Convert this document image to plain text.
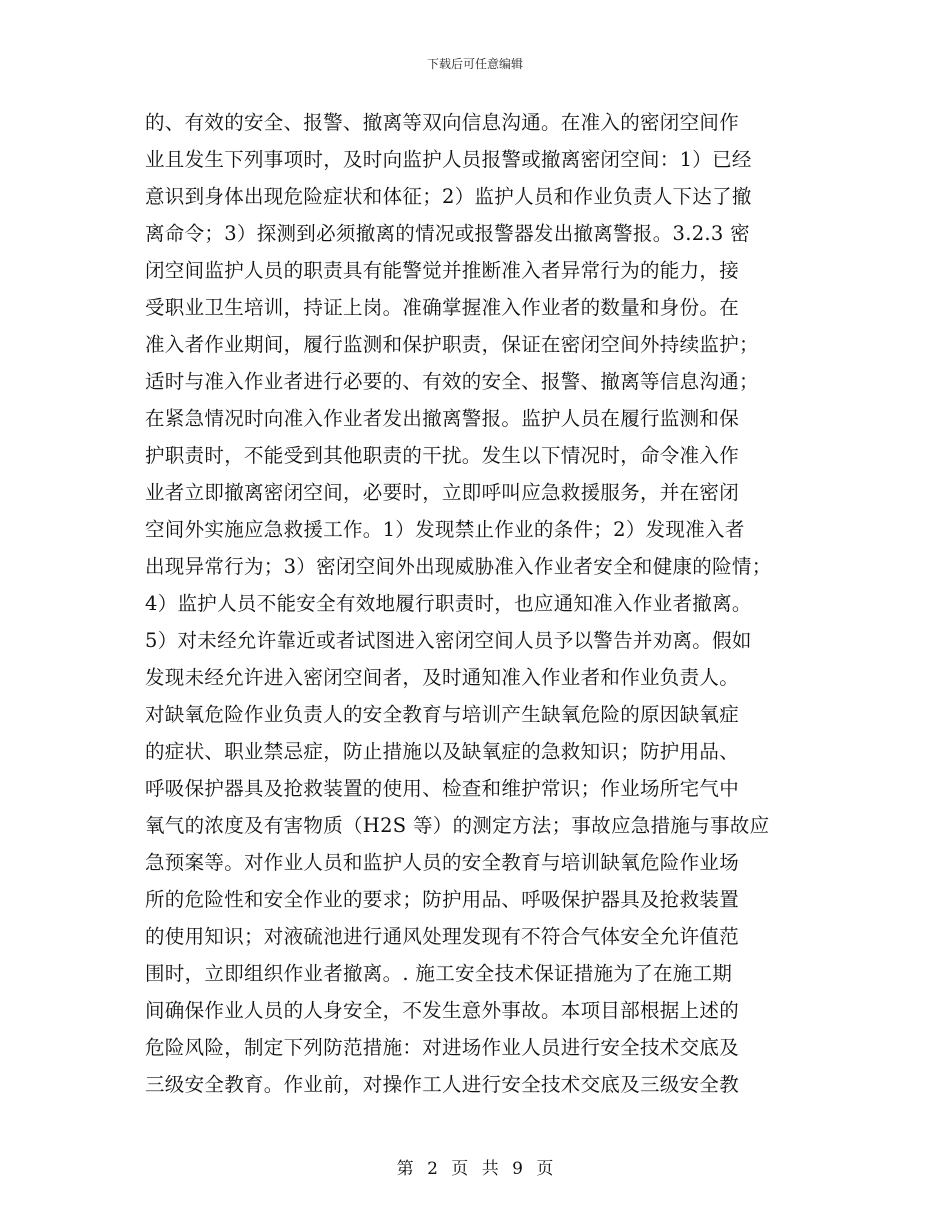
下载后可任意编辑
的、有效的安全、报警、撤离等双向信息沟通。在准入的密闭空间作
业且发生下列事项时，及时向监护人员报警或撤离密闭空间：1）已经
意识到身体出现危险症状和体征；2）监护人员和作业负责人下达了撤
离命令；3）探测到必须撤离的情况或报警器发出撤离警报。3.2.3 密
闭空间监护人员的职责具有能警觉并推断准入者异常行为的能力，接
受职业卫生培训，持证上岗。准确掌握准入作业者的数量和身份。在
准入者作业期间，履行监测和保护职责，保证在密闭空间外持续监护；
适时与准入作业者进行必要的、有效的安全、报警、撤离等信息沟通；
在紧急情况时向准入作业者发出撤离警报。监护人员在履行监测和保
护职责时，不能受到其他职责的干扰。发生以下情况时，命令准入作
业者立即撤离密闭空间，必要时，立即呼叫应急救援服务，并在密闭
空间外实施应急救援工作。1）发现禁止作业的条件；2）发现准入者
出现异常行为；3）密闭空间外出现威胁准入作业者安全和健康的险情；
4）监护人员不能安全有效地履行职责时，也应通知准入作业者撤离。
5）对未经允许靠近或者试图进入密闭空间人员予以警告并劝离。假如
发现未经允许进入密闭空间者，及时通知准入作业者和作业负责人。
对缺氧危险作业负责人的安全教育与培训产生缺氧危险的原因缺氧症
的症状、职业禁忌症，防止措施以及缺氧症的急救知识；防护用品、
呼吸保护器具及抢救装置的使用、检查和维护常识；作业场所宅气中
氧气的浓度及有害物质（H2S 等）的测定方法；事故应急措施与事故应
急预案等。对作业人员和监护人员的安全教育与培训缺氧危险作业场
所的危险性和安全作业的要求；防护用品、呼吸保护器具及抢救装置
的使用知识；对液硫池进行通风处理发现有不符合气体安全允许值范
围时，立即组织作业者撤离。. 施工安全技术保证措施为了在施工期
间确保作业人员的人身安全，不发生意外事故。本项目部根据上述的
危险风险，制定下列防范措施：对进场作业人员进行安全技术交底及
三级安全教育。作业前，对操作工人进行安全技术交底及三级安全教
第 2 页 共 9 页
